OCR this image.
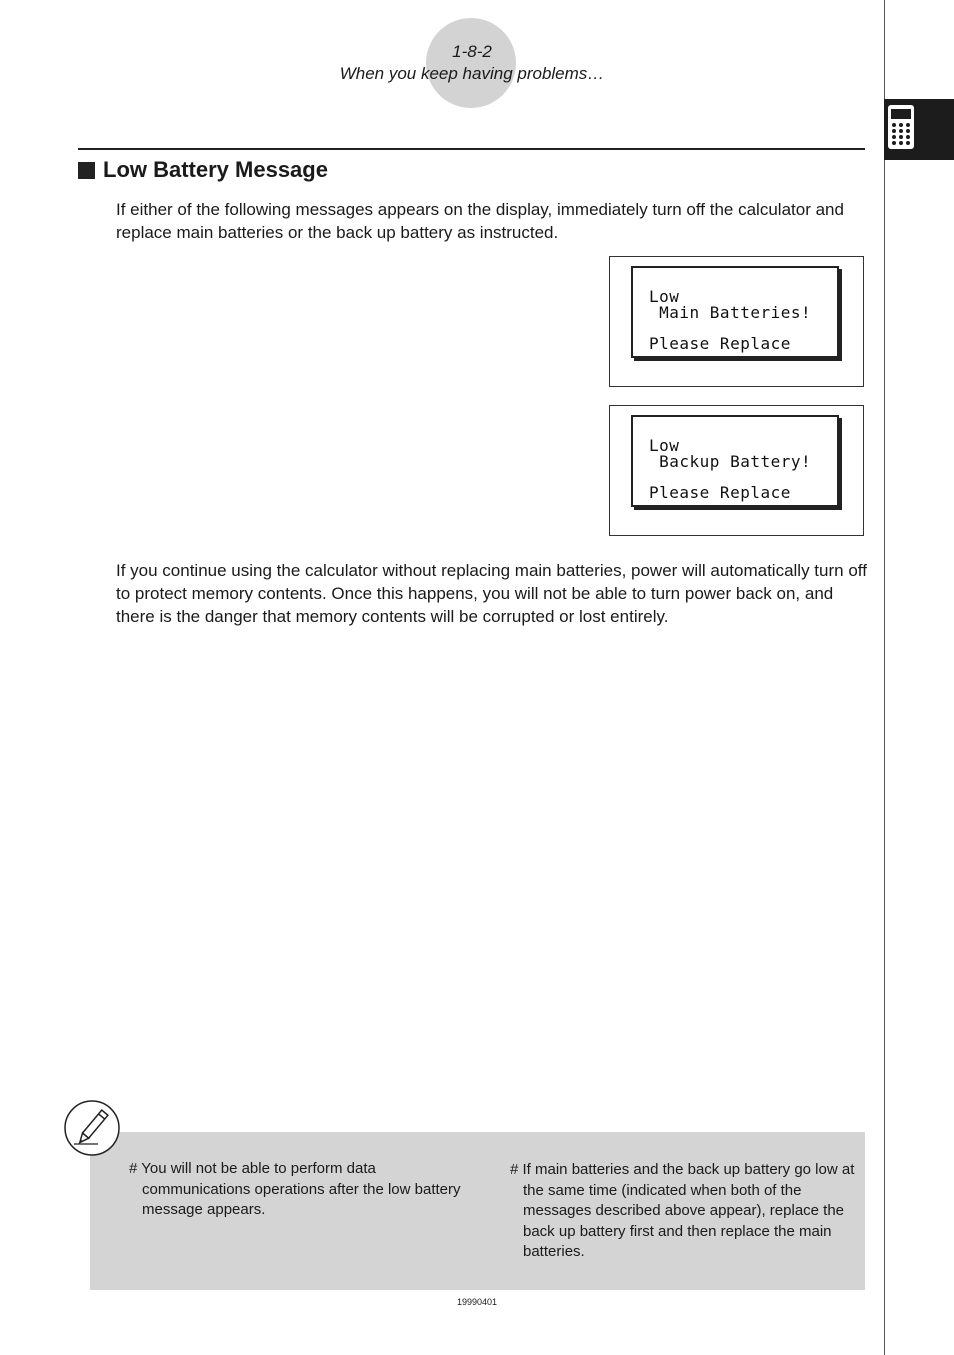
1-8-2
When you keep having problems…
Low Battery Message
If either of the following messages appears on the display, immediately turn off the calculator and replace main batteries or the back up battery as instructed.
Low
Main Batteries!
Please Replace
Low
Backup Battery!
Please Replace
If you continue using the calculator without replacing main batteries, power will automatically turn off to protect memory contents. Once this happens, you will not be able to turn power back on, and there is the danger that memory contents will be corrupted or lost entirely.
# You will not be able to perform data communications operations after the low battery message appears.
# If main batteries and the back up battery go low at the same time (indicated when both of the messages described above appear), replace the back up battery first and then replace the main batteries.
19990401
